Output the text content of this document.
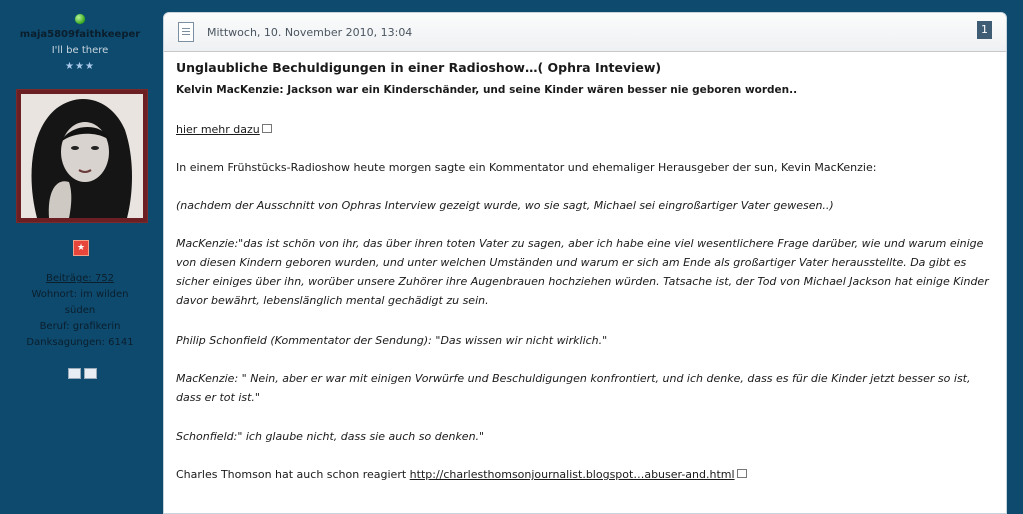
maja5809faithkeeper
I'll be there
★★★
★
Beiträge: 752
Wohnort: im wilden
süden
Beruf: grafikerin
Danksagungen: 6141
Mittwoch, 10. November 2010, 13:04	1
Unglaubliche Bechuldigungen in einer Radioshow…( Ophra Inteview)
Kelvin MacKenzie: Jackson war ein Kinderschänder, und seine Kinder wären besser nie geboren worden..
hier mehr dazu
In einem Frühstücks-Radioshow heute morgen sagte ein Kommentator und ehemaliger Herausgeber der sun, Kevin MacKenzie:
(nachdem der Ausschnitt von Ophras Interview gezeigt wurde, wo sie sagt, Michael sei eingroßartiger Vater gewesen..)
MacKenzie:"das ist schön von ihr, das über ihren toten Vater zu sagen, aber ich habe eine viel wesentlichere Frage darüber, wie und warum einige von diesen Kindern geboren wurden, und unter welchen Umständen und warum er sich am Ende als großartiger Vater herausstellte. Da gibt es sicher einiges über ihn, worüber unsere Zuhörer ihre Augenbrauen hochziehen würden. Tatsache ist, der Tod von Michael Jackson hat einige Kinder davor bewährt, lebenslänglich mental gechädigt zu sein.
Philip Schonfield (Kommentator der Sendung): "Das wissen wir nicht wirklich."
MacKenzie: " Nein, aber er war mit einigen Vorwürfe und Beschuldigungen konfrontiert, und ich denke, dass es für die Kinder jetzt besser so ist, dass er tot ist."
Schonfield:" ich glaube nicht, dass sie auch so denken."
Charles Thomson hat auch schon reagiert http://charlesthomsonjournalist.blogspot…abuser-and.html
